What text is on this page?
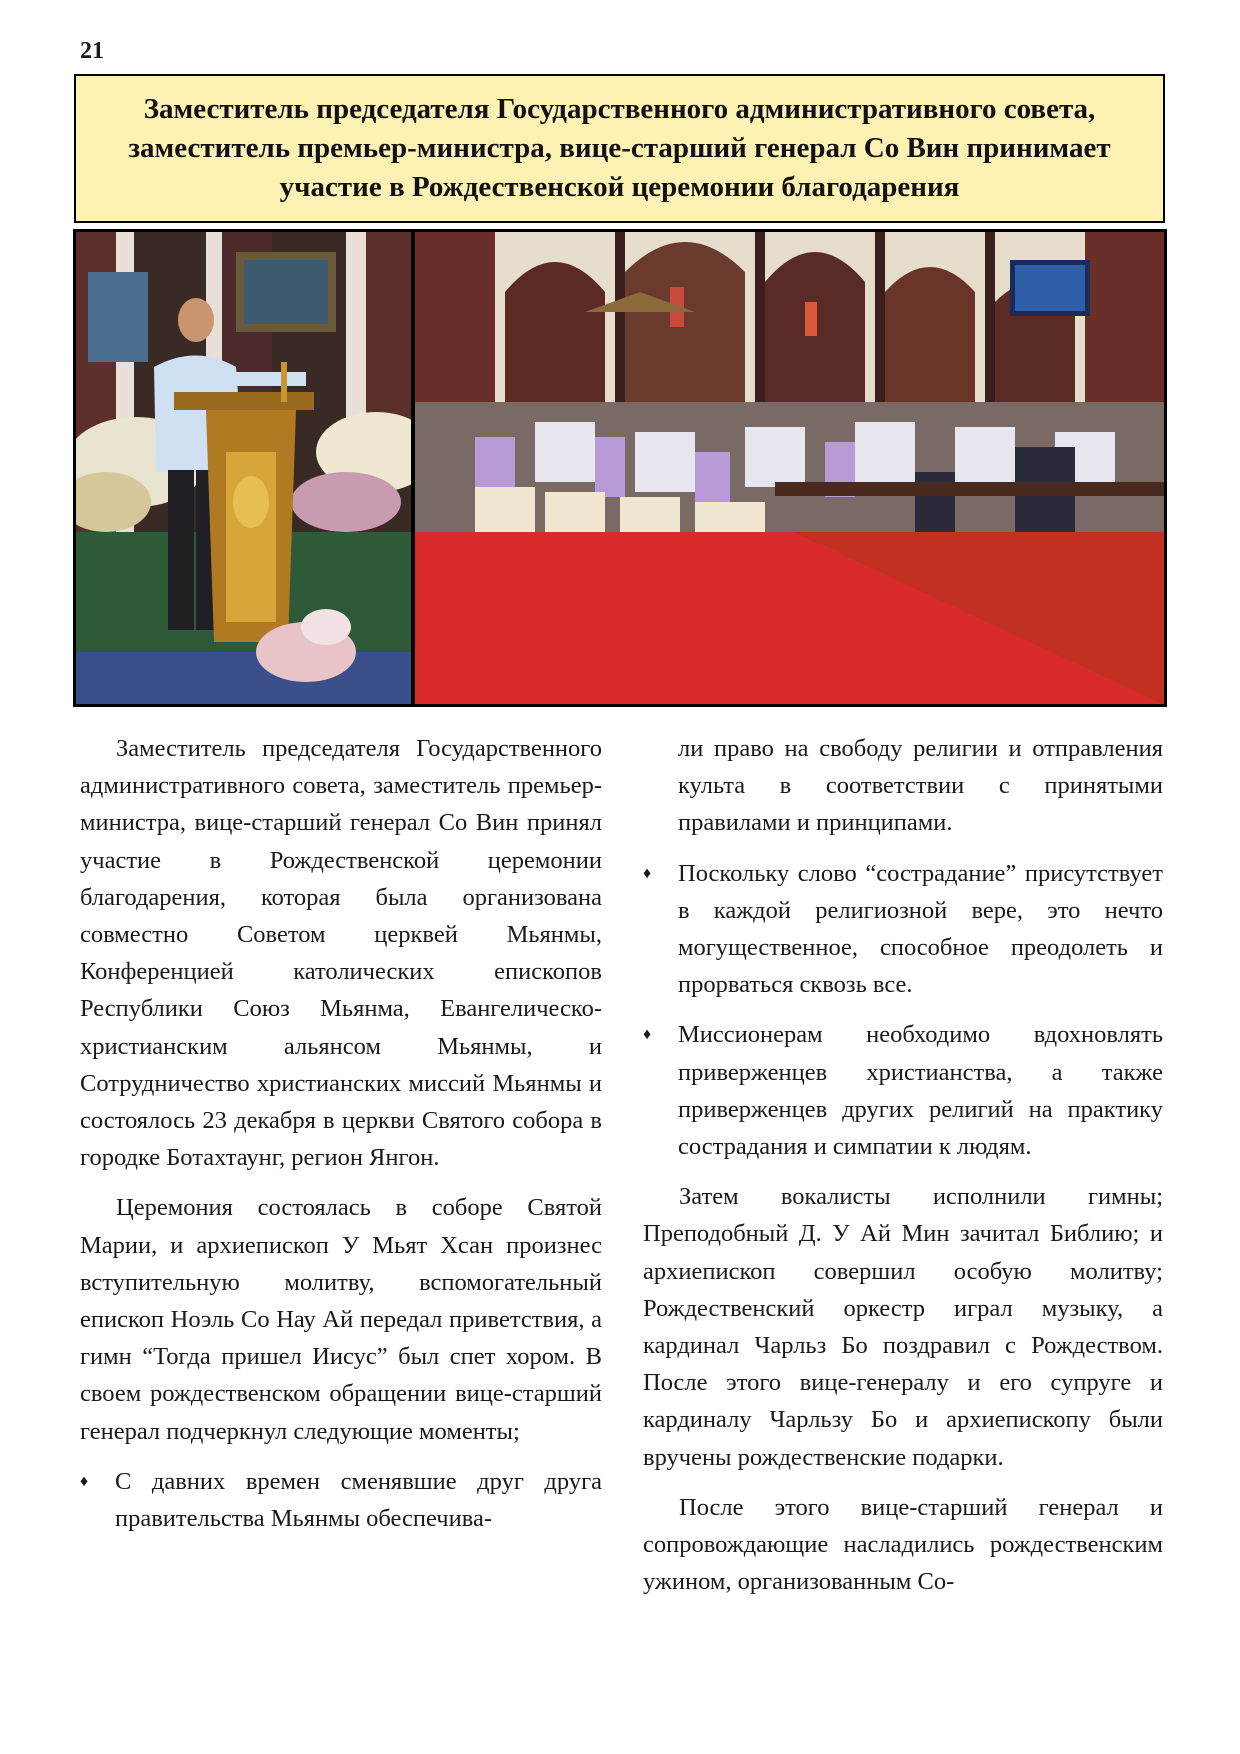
21
Заместитель председателя Государственного административного совета, заместитель премьер-министра, вице-старший генерал Со Вин принимает участие в Рождественской церемонии благодарения

Заместитель председателя Государственного административного совета, заместитель премьер-министра, вице-старший генерал Со Вин принял участие в Рождественской церемонии благодарения, которая была организована совместно Советом церквей Мьянмы, Конференцией католических епископов Республики Союз Мьянма, Евангелическо-христианским альянсом Мьянмы, и Сотрудничество христианских миссий Мьянмы и состоялось 23 декабря в церкви Святого собора в городке Ботахтаунг, регион Янгон.

Церемония состоялась в соборе Святой Марии, и архиепископ У Мьят Хсан произнес вступительную молитву, вспомогательный епископ Ноэль Со Нау Ай передал приветствия, а гимн “Тогда пришел Иисус” был спет хором. В своем рождественском обращении вице-старший генерал подчеркнул следующие моменты;

♦ С давних времен сменявшие друг друга правительства Мьянмы обеспечива-

ли право на свободу религии и отправления культа в соответствии с принятыми правилами и принципами.

♦ Поскольку слово “сострадание” присутствует в каждой религиозной вере, это нечто могущественное, способное преодолеть и прорваться сквозь все.
♦ Миссионерам необходимо вдохновлять приверженцев христианства, а также приверженцев других религий на практику сострадания и симпатии к людям.

Затем вокалисты исполнили гимны; Преподобный Д. У Ай Мин зачитал Библию; и архиепископ совершил особую молитву; Рождественский оркестр играл музыку, а кардинал Чарльз Бо поздравил с Рождеством. После этого вице-генералу и его супруге и кардиналу Чарльзу Бо и архиепископу были вручены рождественские подарки.

После этого вице-старший генерал и сопровождающие насладились рождественским ужином, организованным Со-
